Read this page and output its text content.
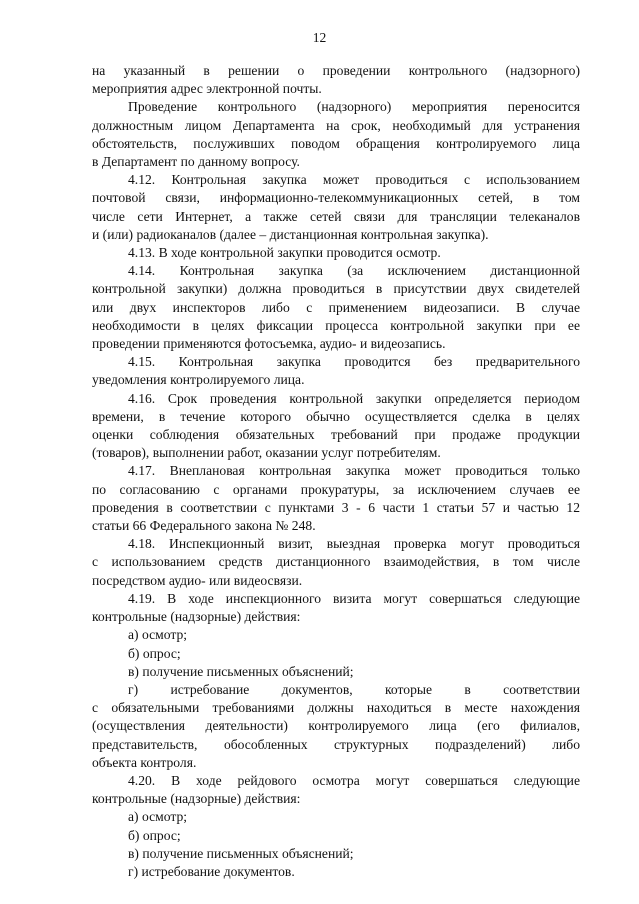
12
на указанный в решении о проведении контрольного (надзорного)
мероприятия адрес электронной почты.
Проведение контрольного (надзорного) мероприятия переносится
должностным лицом Департамента на срок, необходимый для устранения
обстоятельств, послуживших поводом обращения контролируемого лица
в Департамент по данному вопросу.
4.12. Контрольная закупка может проводиться с использованием
почтовой связи, информационно-телекоммуникационных сетей, в том
числе сети Интернет, а также сетей связи для трансляции телеканалов
и (или) радиоканалов (далее – дистанционная контрольная закупка).
4.13. В ходе контрольной закупки проводится осмотр.
4.14. Контрольная закупка (за исключением дистанционной
контрольной закупки) должна проводиться в присутствии двух свидетелей
или двух инспекторов либо с применением видеозаписи. В случае
необходимости в целях фиксации процесса контрольной закупки при ее
проведении применяются фотосъемка, аудио- и видеозапись.
4.15. Контрольная закупка проводится без предварительного
уведомления контролируемого лица.
4.16. Срок проведения контрольной закупки определяется периодом
времени, в течение которого обычно осуществляется сделка в целях
оценки соблюдения обязательных требований при продаже продукции
(товаров), выполнении работ, оказании услуг потребителям.
4.17. Внеплановая контрольная закупка может проводиться только
по согласованию с органами прокуратуры, за исключением случаев ее
проведения в соответствии с пунктами 3 - 6 части 1 статьи 57 и частью 12
статьи 66 Федерального закона № 248.
4.18. Инспекционный визит, выездная проверка могут проводиться
с использованием средств дистанционного взаимодействия, в том числе
посредством аудио- или видеосвязи.
4.19. В ходе инспекционного визита могут совершаться следующие
контрольные (надзорные) действия:
а) осмотр;
б) опрос;
в) получение письменных объяснений;
г) истребование документов, которые в соответствии
с обязательными требованиями должны находиться в месте нахождения
(осуществления деятельности) контролируемого лица (его филиалов,
представительств, обособленных структурных подразделений) либо
объекта контроля.
4.20. В ходе рейдового осмотра могут совершаться следующие
контрольные (надзорные) действия:
а) осмотр;
б) опрос;
в) получение письменных объяснений;
г) истребование документов.
